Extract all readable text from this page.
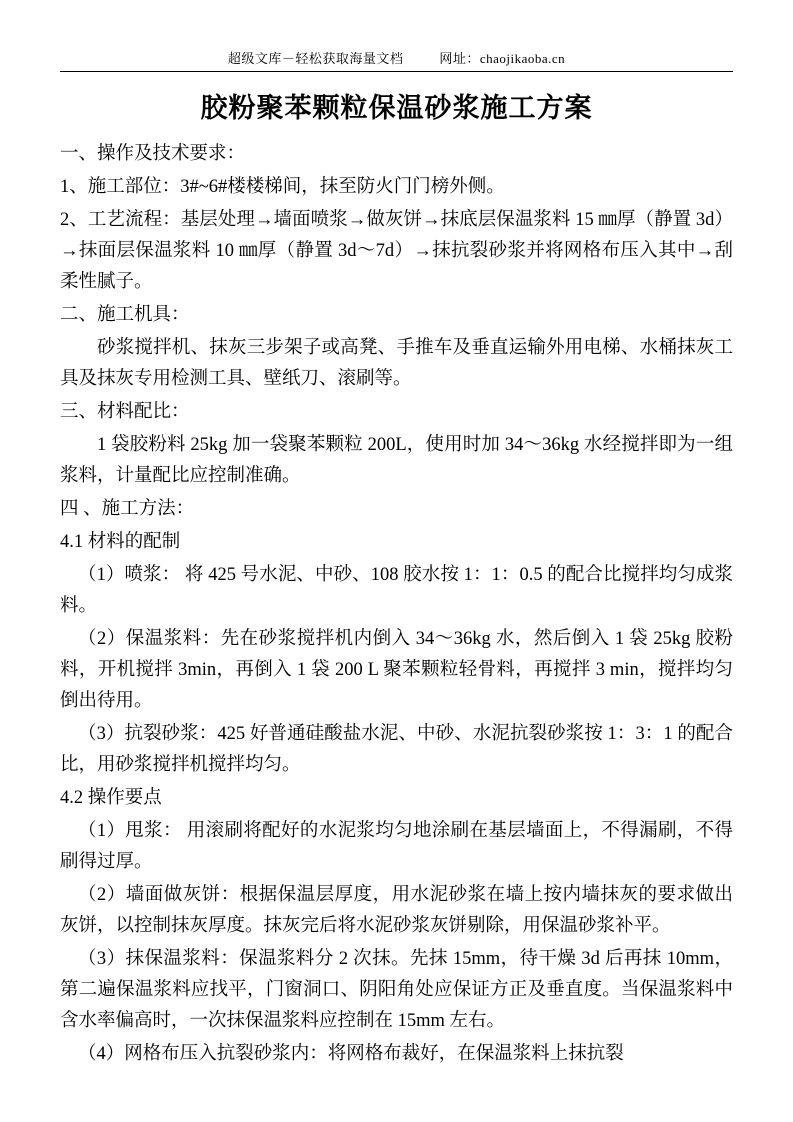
超级文库－轻松获取海量文档	网址：chaojikaoba.cn
胶粉聚苯颗粒保温砂浆施工方案

一、操作及技术要求：

1、施工部位：3#~6#楼楼梯间，抹至防火门门榜外侧。

2、工艺流程：基层处理→墙面喷浆→做灰饼→抹底层保温浆料 15 ㎜厚（静置 3d）→抹面层保温浆料 10 ㎜厚（静置 3d～7d）→抹抗裂砂浆并将网格布压入其中→刮柔性腻子。

二、施工机具：

砂浆搅拌机、抹灰三步架子或高凳、手推车及垂直运输外用电梯、水桶抹灰工具及抹灰专用检测工具、壁纸刀、滚刷等。

三、材料配比：

1 袋胶粉料 25kg 加一袋聚苯颗粒 200L，使用时加 34～36kg 水经搅拌即为一组浆料，计量配比应控制准确。

四 、施工方法：

4.1 材料的配制

（1）喷浆： 将 425 号水泥、中砂、108 胶水按 1：1：0.5 的配合比搅拌均匀成浆料。

（2）保温浆料：先在砂浆搅拌机内倒入 34～36kg 水，然后倒入 1 袋 25kg 胶粉料，开机搅拌 3min，再倒入 1 袋 200 L 聚苯颗粒轻骨料，再搅拌 3 min，搅拌均匀倒出待用。

（3）抗裂砂浆：425 好普通硅酸盐水泥、中砂、水泥抗裂砂浆按 1：3：1 的配合比，用砂浆搅拌机搅拌均匀。

4.2 操作要点

（1）甩浆： 用滚刷将配好的水泥浆均匀地涂刷在基层墙面上，不得漏刷，不得刷得过厚。

（2）墙面做灰饼：根据保温层厚度，用水泥砂浆在墙上按内墙抹灰的要求做出灰饼，以控制抹灰厚度。抹灰完后将水泥砂浆灰饼剔除，用保温砂浆补平。

（3）抹保温浆料：保温浆料分 2 次抹。先抹 15mm，待干燥 3d 后再抹 10mm，第二遍保温浆料应找平，门窗洞口、阴阳角处应保证方正及垂直度。当保温浆料中含水率偏高时，一次抹保温浆料应控制在 15mm 左右。

（4）网格布压入抗裂砂浆内：将网格布裁好，在保温浆料上抹抗裂
